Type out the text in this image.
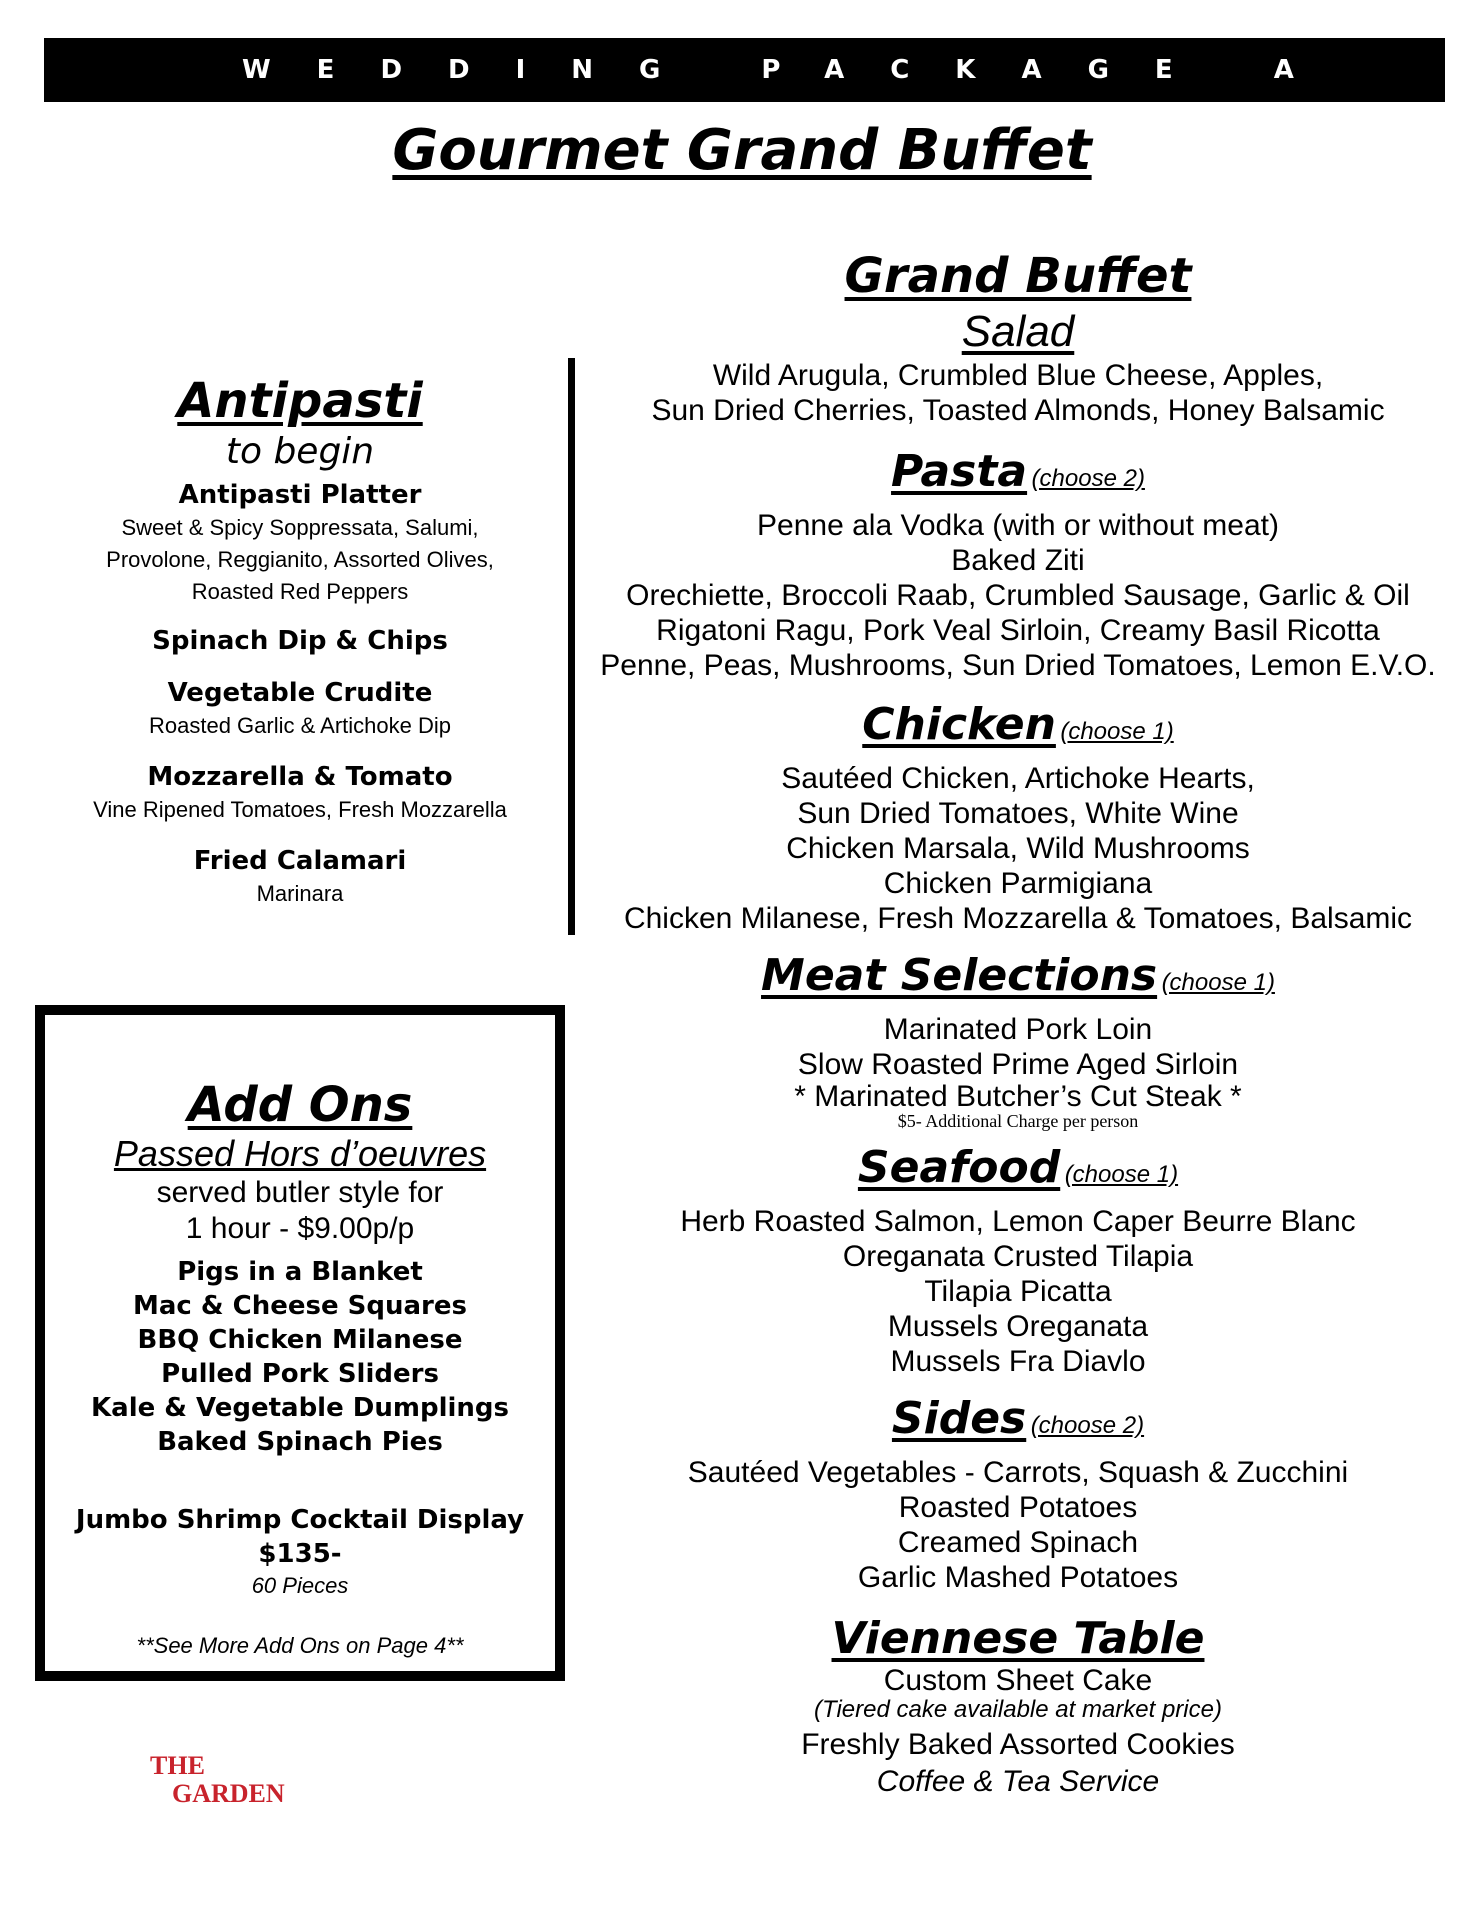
WEDDING PACKAGE A
Gourmet Grand Buffet
Antipasti
to begin
Antipasti Platter
Sweet & Spicy Soppressata, Salumi,
Provolone, Reggianito, Assorted Olives,
Roasted Red Peppers
Spinach Dip & Chips
Vegetable Crudite
Roasted Garlic & Artichoke Dip
Mozzarella & Tomato
Vine Ripened Tomatoes, Fresh Mozzarella
Fried Calamari
Marinara
Add Ons
Passed Hors d’oeuvres
served butler style for
1 hour - $9.00p/p
Pigs in a Blanket
Mac & Cheese Squares
BBQ Chicken Milanese
Pulled Pork Sliders
Kale & Vegetable Dumplings
Baked Spinach Pies
Jumbo Shrimp Cocktail Display
$135-
60 Pieces
**See More Add Ons on Page 4**
Grand Buffet
Salad
Wild Arugula, Crumbled Blue Cheese, Apples,
Sun Dried Cherries, Toasted Almonds, Honey Balsamic
Pasta (choose 2)
Penne ala Vodka (with or without meat)
Baked Ziti
Orechiette, Broccoli Raab, Crumbled Sausage, Garlic & Oil
Rigatoni Ragu, Pork Veal Sirloin, Creamy Basil Ricotta
Penne, Peas, Mushrooms, Sun Dried Tomatoes, Lemon E.V.O.
Chicken (choose 1)
Sautéed Chicken, Artichoke Hearts,
Sun Dried Tomatoes, White Wine
Chicken Marsala, Wild Mushrooms
Chicken Parmigiana
Chicken Milanese, Fresh Mozzarella & Tomatoes, Balsamic
Meat Selections (choose 1)
Marinated Pork Loin
Slow Roasted Prime Aged Sirloin
* Marinated Butcher’s Cut Steak *
$5- Additional Charge per person
Seafood (choose 1)
Herb Roasted Salmon, Lemon Caper Beurre Blanc
Oreganata Crusted Tilapia
Tilapia Picatta
Mussels Oreganata
Mussels Fra Diavlo
Sides (choose 2)
Sautéed Vegetables - Carrots, Squash & Zucchini
Roasted Potatoes
Creamed Spinach
Garlic Mashed Potatoes
Viennese Table
Custom Sheet Cake
(Tiered cake available at market price)
Freshly Baked Assorted Cookies
Coffee & Tea Service
THE
GARDEN
